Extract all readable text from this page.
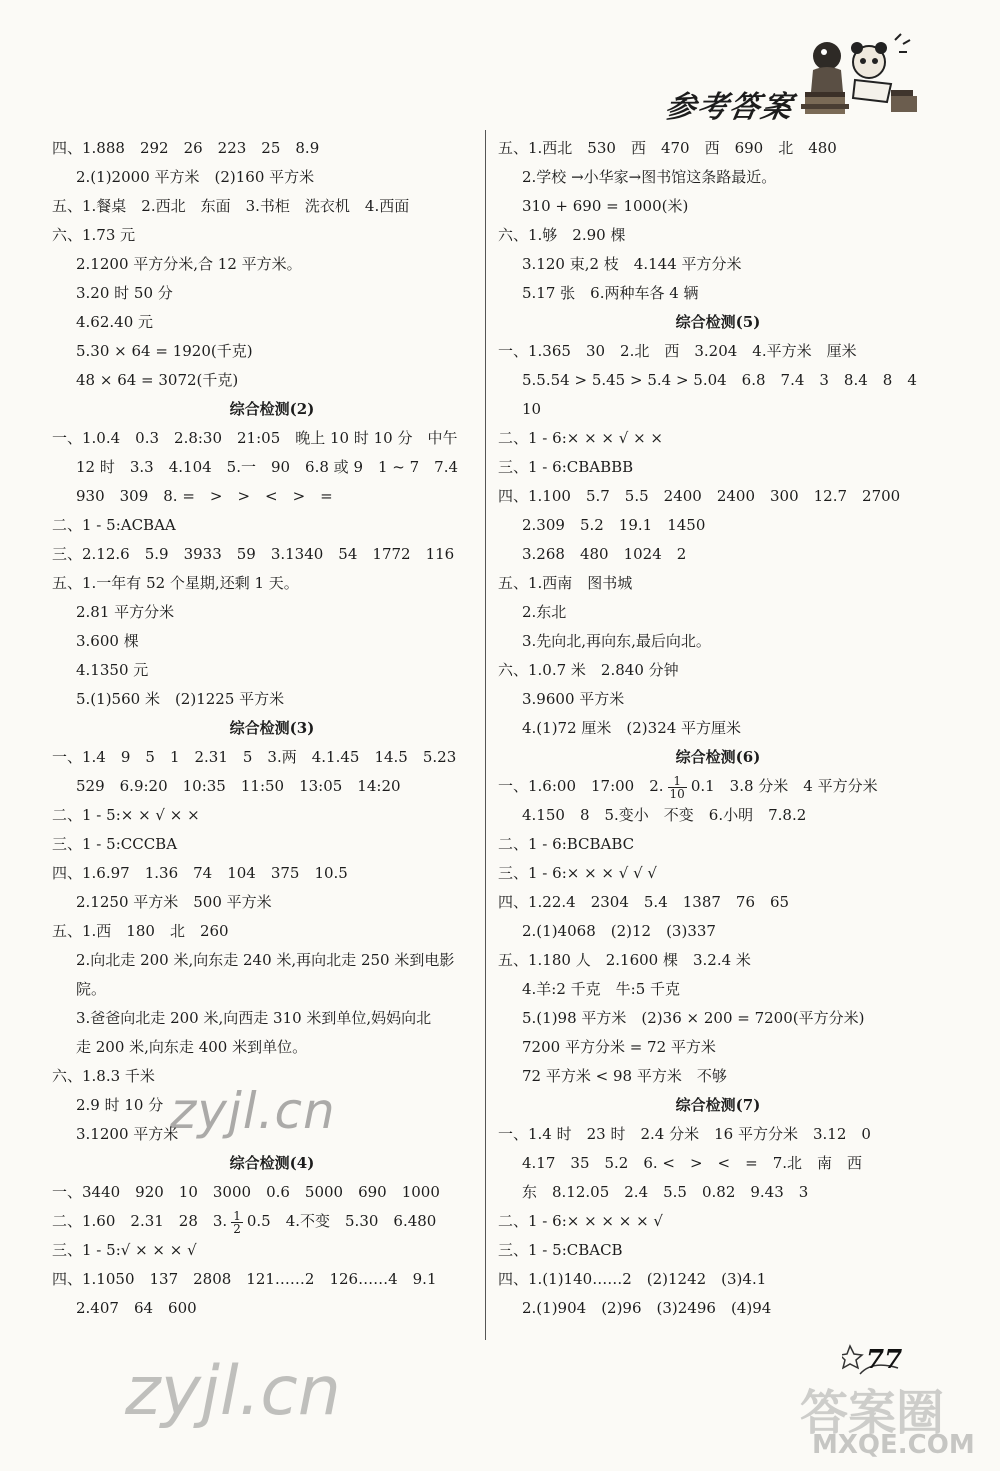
参考答案
四、1.888　292　26　223　25　8.9
2.(1)2000 平方米　(2)160 平方米
五、1.餐桌　2.西北　东面　3.书柜　洗衣机　4.西面
六、1.73 元
2.1200 平方分米,合 12 平方米。
3.20 时 50 分
4.62.40 元
5.30 × 64 = 1920(千克)
48 × 64 = 3072(千克)
综合检测(2)
一、1.0.4　0.3　2.8:30　21:05　晚上 10 时 10 分　中午
12 时　3.3　4.104　5.一　90　6.8 或 9　1 ~ 7　7.4
930　309　8. =　>　>　<　>　=
二、1 - 5:ACBAA
三、2.12.6　5.9　3933　59　3.1340　54　1772　116
五、1.一年有 52 个星期,还剩 1 天。
2.81 平方分米
3.600 棵
4.1350 元
5.(1)560 米　(2)1225 平方米
综合检测(3)
一、1.4　9　5　1　2.31　5　3.两　4.1.45　14.5　5.23
529　6.9:20　10:35　11:50　13:05　14:20
二、1 - 5:× × √ × ×
三、1 - 5:CCCBA
四、1.6.97　1.36　74　104　375　10.5
2.1250 平方米　500 平方米
五、1.西　180　北　260
2.向北走 200 米,向东走 240 米,再向北走 250 米到电影
院。
3.爸爸向北走 200 米,向西走 310 米到单位,妈妈向北
走 200 米,向东走 400 米到单位。
六、1.8.3 千米
2.9 时 10 分
3.1200 平方米
综合检测(4)
一、3440　920　10　3000　0.6　5000　690　1000
二、1.60　2.31　28　3. $\frac{1}{2} 0.5$　4.不变　5.30　6.480
三、1 - 5:√ × × × √
四、1.1050　137　2808　121……2　126……4　9.1
2.407　64　600
五、1.西北　530　西　470　西　690　北　480
2.学校 →小华家→图书馆这条路最近。
310 + 690 = 1000(米)
六、1.够　2.90 棵
3.120 束,2 枝　4.144 平方分米
5.17 张　6.两种车各 4 辆
综合检测(5)
一、1.365　30　2.北　西　3.204　4.平方米　厘米
5.5.54 > 5.45 > 5.4 > 5.04　6.8　7.4　3　8.4　8　4
10
二、1 - 6:× × × √ × ×
三、1 - 6:CBABBB
四、1.100　5.7　5.5　2400　2400　300　12.7　2700
2.309　5.2　19.1　1450
3.268　480　1024　2
五、1.西南　图书城
2.东北
3.先向北,再向东,最后向北。
六、1.0.7 米　2.840 分钟
3.9600 平方米
4.(1)72 厘米　(2)324 平方厘米
综合检测(6)
一、1.6:00　17:00　2. $\frac{1}{10} 0.1$　3.8 分米　4 平方分米
4.150　8　5.变小　不变　6.小明　7.8.2
二、1 - 6:BCBABC
三、1 - 6:× × × √ √ √
四、1.22.4　2304　5.4　1387　76　65
2.(1)4068　(2)12　(3)337
五、1.180 人　2.1600 棵　3.2.4 米
4.羊:2 千克　牛:5 千克
5.(1)98 平方米　(2)36 × 200 = 7200(平方分米)
7200 平方分米 = 72 平方米
72 平方米 < 98 平方米　不够
综合检测(7)
一、1.4 时　23 时　2.4 分米　16 平方分米　3.12　0
4.17　35　5.2　6. <　>　<　=　7.北　南　西
东　8.12.05　2.4　5.5　0.82　9.43　3
二、1 - 6:× × × × × √
三、1 - 5:CBACB
四、1.(1)140……2　(2)1242　(3)4.1
2.(1)904　(2)96　(3)2496　(4)94
77
zyjl.cn
zyjl.cn	答案圈
MXQE.COM
